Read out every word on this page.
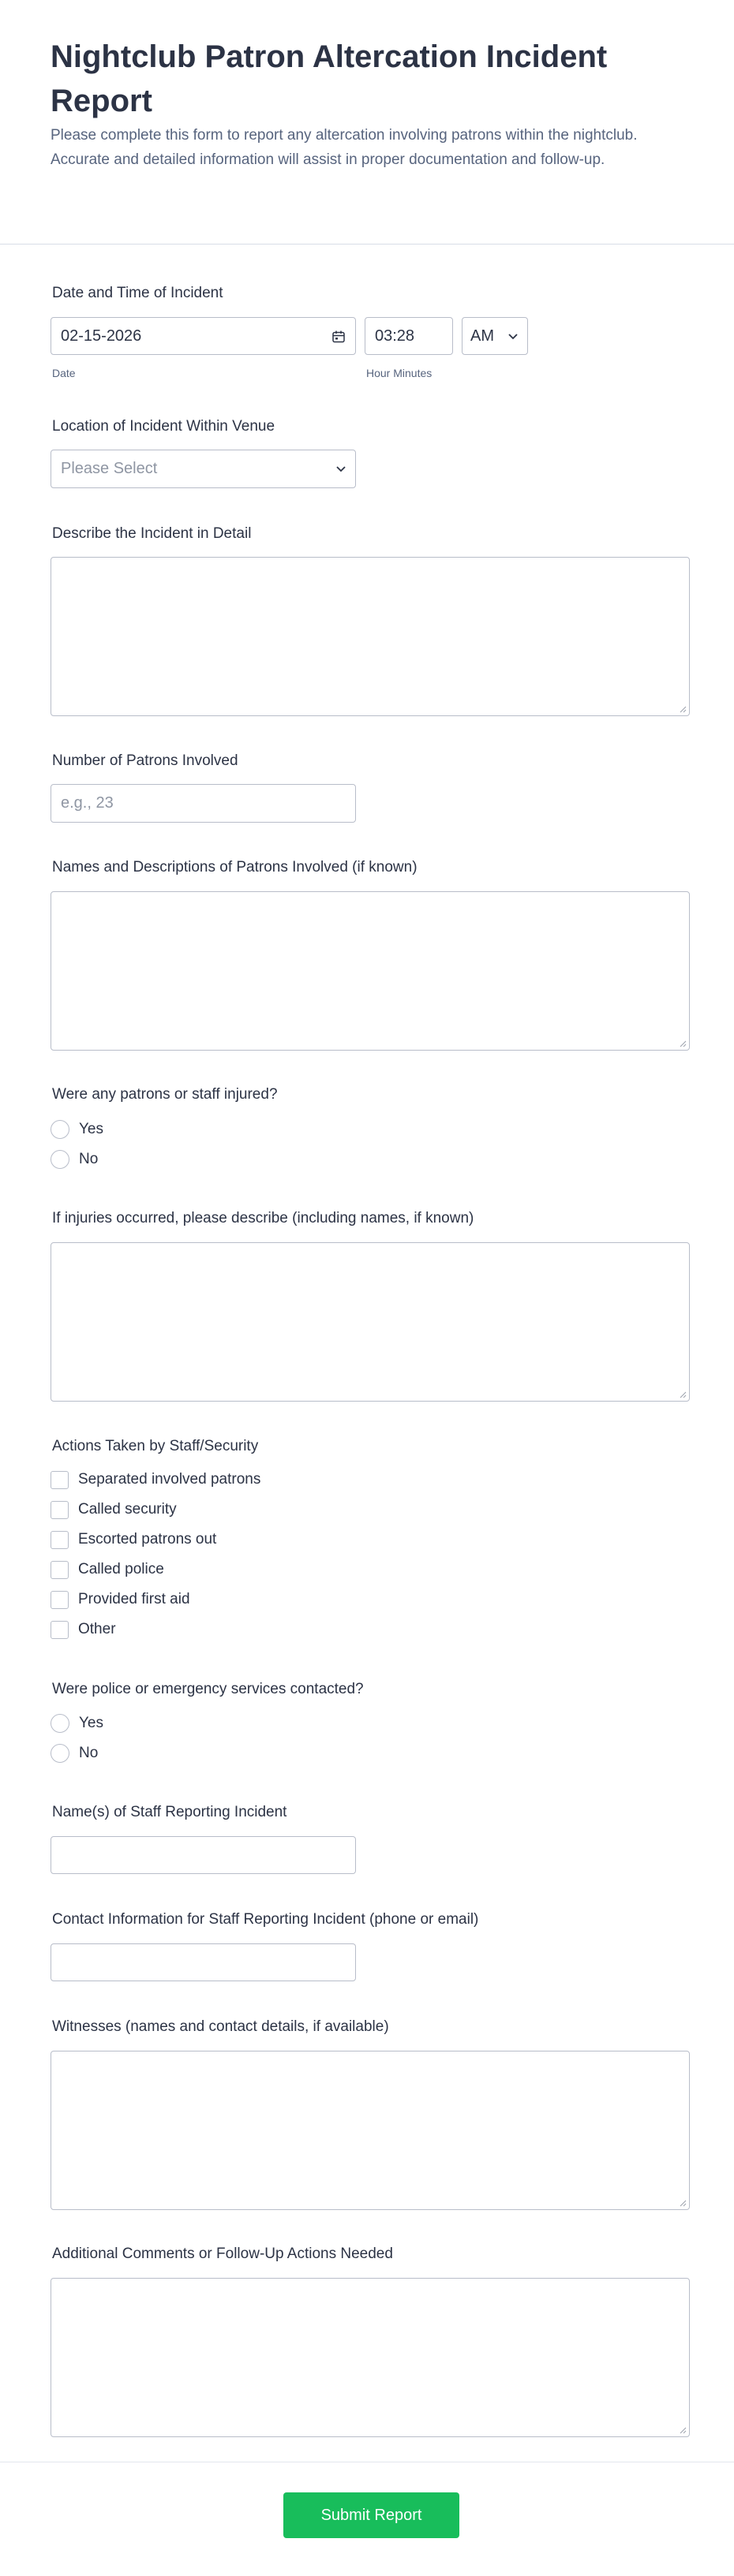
Nightclub Patron Altercation Incident Report

Please complete this form to report any altercation involving patrons within the nightclub. Accurate and detailed information will assist in proper documentation and follow-up.

Date and Time of Incident
02-15-2026
Date
03:28
Hour Minutes
AM
Location of Incident Within Venue
Please Select
Describe the Incident in Detail
Number of Patrons Involved
e.g., 23
Names and Descriptions of Patrons Involved (if known)
Were any patrons or staff injured?
Yes
No
If injuries occurred, please describe (including names, if known)
Actions Taken by Staff/Security
Separated involved patrons
Called security
Escorted patrons out
Called police
Provided first aid
Other
Were police or emergency services contacted?
Yes
No
Name(s) of Staff Reporting Incident
Contact Information for Staff Reporting Incident (phone or email)
Witnesses (names and contact details, if available)
Additional Comments or Follow-Up Actions Needed
Submit Report
